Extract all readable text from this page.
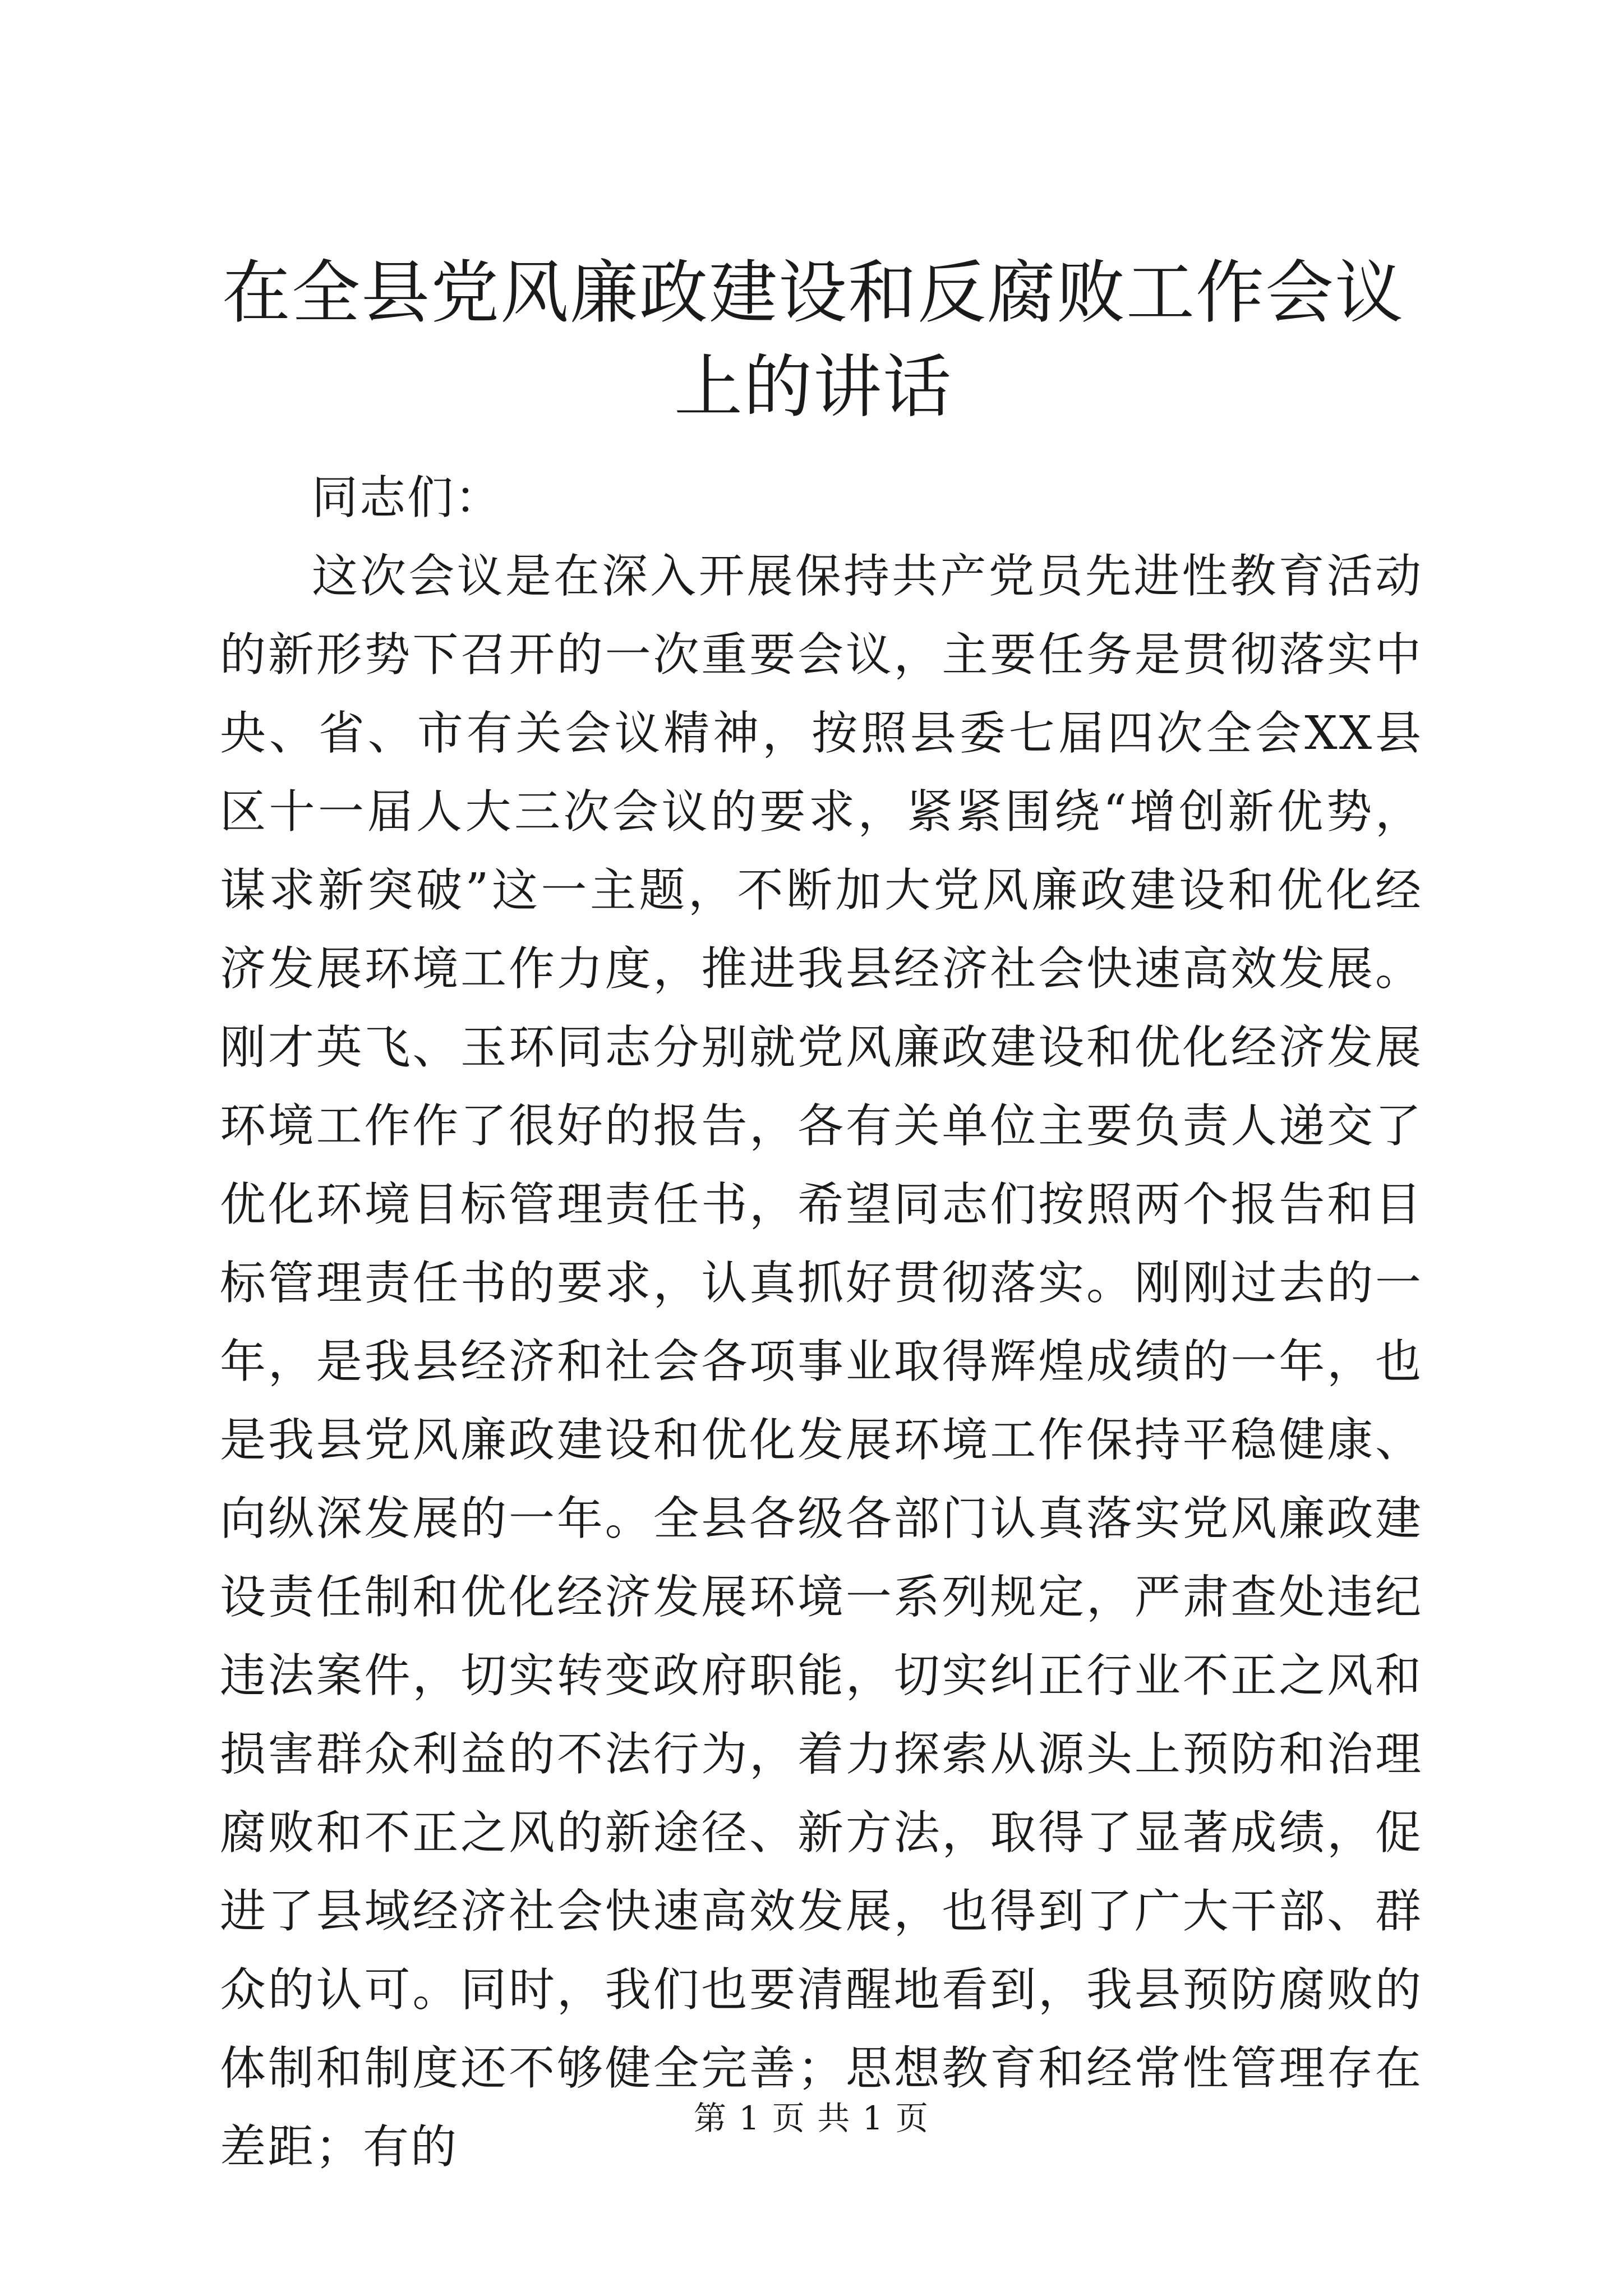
在全县党风廉政建设和反腐败工作会议上的讲话

同志们：

这次会议是在深入开展保持共产党员先进性教育活动的新形势下召开的一次重要会议，主要任务是贯彻落实中央、省、市有关会议精神，按照县委七届四次全会XX县区十一届人大三次会议的要求，紧紧围绕“增创新优势，谋求新突破”这一主题，不断加大党风廉政建设和优化经济发展环境工作力度，推进我县经济社会快速高效发展。刚才英飞、玉环同志分别就党风廉政建设和优化经济发展环境工作作了很好的报告，各有关单位主要负责人递交了优化环境目标管理责任书，希望同志们按照两个报告和目标管理责任书的要求，认真抓好贯彻落实。刚刚过去的一年，是我县经济和社会各项事业取得辉煌成绩的一年，也是我县党风廉政建设和优化发展环境工作保持平稳健康、向纵深发展的一年。全县各级各部门认真落实党风廉政建设责任制和优化经济发展环境一系列规定，严肃查处违纪违法案件，切实转变政府职能，切实纠正行业不正之风和损害群众利益的不法行为，着力探索从源头上预防和治理腐败和不正之风的新途径、新方法，取得了显著成绩，促进了县域经济社会快速高效发展，也得到了广大干部、群众的认可。同时，我们也要清醒地看到，我县预防腐败的体制和制度还不够健全完善；思想教育和经常性管理存在差距；有的

第 1 页 共 1 页
